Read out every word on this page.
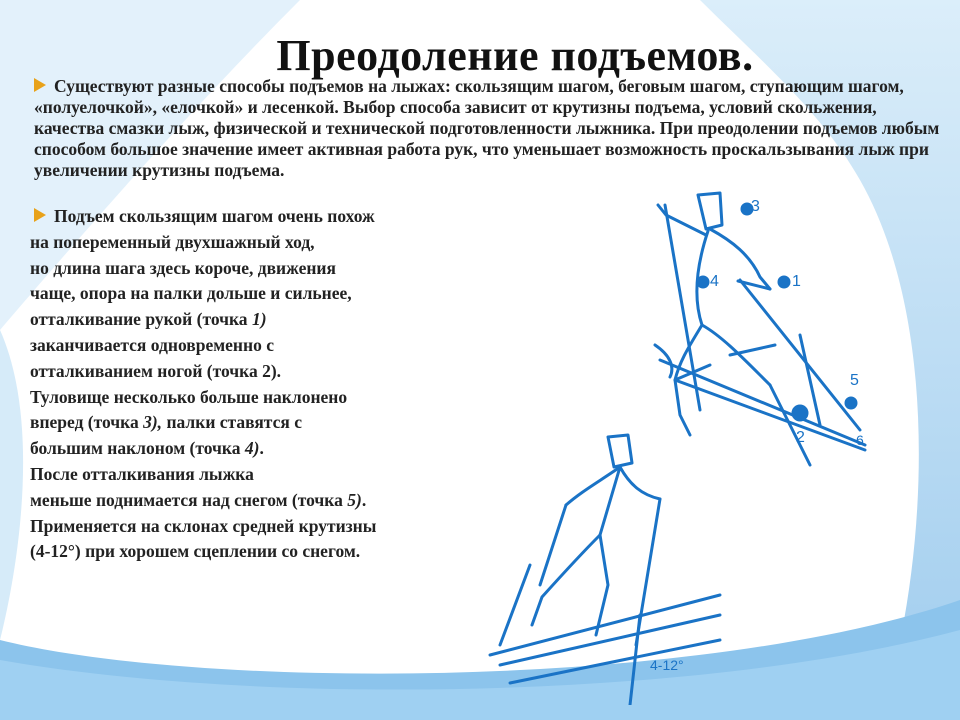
Преодоление подъемов.

Существуют разные способы подъемов на лыжах: скользящим шагом, беговым шагом, ступающим шагом, «полуелочкой», «елочкой» и лесенкой. Выбор способа зависит от крутизны подъема, условий скольжения, качества смазки лыж, физической и технической подготовленности лыжника. При преодолении подъемов любым способом большое значение имеет активная работа рук, что уменьшает возможность проскальзывания лыж при увеличении крутизны подъема.

Подъем скользящим шагом очень похож
на попеременный двухшажный ход,
но длина шага здесь короче, движения
чаще, опора на палки дольше и сильнее,
отталкивание рукой (точка 1)
заканчивается одновременно с
отталкиванием ногой (точка 2).
Туловище несколько больше наклонено
вперед (точка 3), палки ставятся с
большим наклоном (точка 4).
После отталкивания лыжка
меньше поднимается над снегом (точка 5).
Применяется на склонах средней крутизны
(4-12°) при хорошем сцеплении со снегом.
3
4	1
2
5
6
4-12°
